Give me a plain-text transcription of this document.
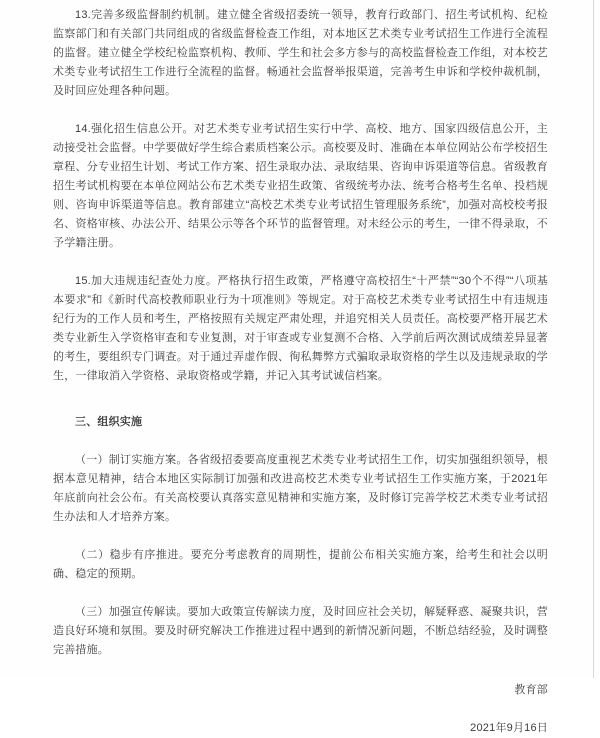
13.完善多级监督制约机制。建立健全省级招委统一领导，教育行政部门、招生考试机构、纪检监察部门和有关部门共同组成的省级监督检查工作组，对本地区艺术类专业考试招生工作进行全流程的监督。建立健全学校纪检监察机构、教师、学生和社会多方参与的高校监督检查工作组，对本校艺术类专业考试招生工作进行全流程的监督。畅通社会监督举报渠道，完善考生申诉和学校仲裁机制，及时回应处理各种问题。

14.强化招生信息公开。对艺术类专业考试招生实行中学、高校、地方、国家四级信息公开，主动接受社会监督。中学要做好学生综合素质档案公示。高校要及时、准确在本单位网站公布学校招生章程、分专业招生计划、考试工作方案、招生录取办法、录取结果、咨询申诉渠道等信息。省级教育招生考试机构要在本单位网站公布艺术类专业招生政策、省级统考办法、统考合格考生名单、投档规则、咨询申诉渠道等信息。教育部建立“高校艺术类专业考试招生管理服务系统”，加强对高校校考报名、资格审核、办法公开、结果公示等各个环节的监督管理。对未经公示的考生，一律不得录取，不予学籍注册。

15.加大违规违纪查处力度。严格执行招生政策，严格遵守高校招生“十严禁”“30个不得”“八项基本要求”和《新时代高校教师职业行为十项准则》等规定。对于高校艺术类专业考试招生中有违规违纪行为的工作人员和考生，严格按照有关规定严肃处理，并追究相关人员责任。高校要严格开展艺术类专业新生入学资格审查和专业复测，对于审查或专业复测不合格、入学前后两次测试成绩差异显著的考生，要组织专门调查。对于通过弄虚作假、徇私舞弊方式骗取录取资格的学生以及违规录取的学生，一律取消入学资格、录取资格或学籍，并记入其考试诚信档案。

三、组织实施

（一）制订实施方案。各省级招委要高度重视艺术类专业考试招生工作，切实加强组织领导，根据本意见精神，结合本地区实际制订加强和改进高校艺术类专业考试招生工作实施方案，于2021年年底前向社会公布。有关高校要认真落实意见精神和实施方案，及时修订完善学校艺术类专业考试招生办法和人才培养方案。

（二）稳步有序推进。要充分考虑教育的周期性，提前公布相关实施方案，给考生和社会以明确、稳定的预期。

（三）加强宣传解读。要加大政策宣传解读力度，及时回应社会关切，解疑释惑、凝聚共识，营造良好环境和氛围。要及时研究解决工作推进过程中遇到的新情况新问题，不断总结经验，及时调整完善措施。

教育部
2021年9月16日
